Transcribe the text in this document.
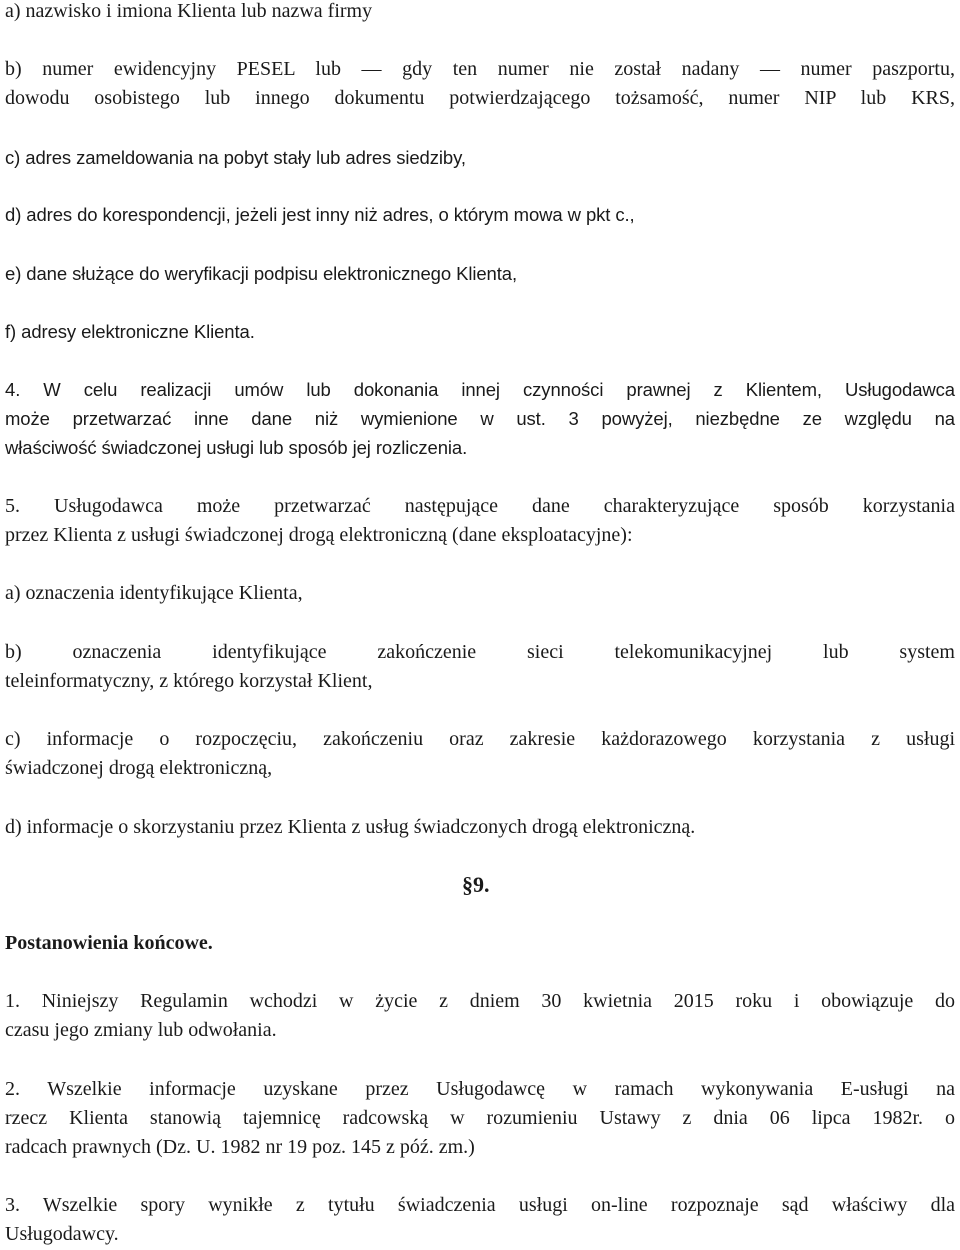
a) nazwisko i imiona Klienta lub nazwa firmy

b) numer ewidencyjny PESEL lub — gdy ten numer nie został nadany — numer paszportu,
dowodu osobistego lub innego dokumentu potwierdzającego tożsamość, numer NIP lub KRS,

c) adres zameldowania na pobyt stały lub adres siedziby,

d) adres do korespondencji, jeżeli jest inny niż adres, o którym mowa w pkt c.,

e) dane służące do weryfikacji podpisu elektronicznego Klienta,

f) adresy elektroniczne Klienta.

4. W celu realizacji umów lub dokonania innej czynności prawnej z Klientem, Usługodawca
może przetwarzać inne dane niż wymienione w ust. 3 powyżej, niezbędne ze względu na
właściwość świadczonej usługi lub sposób jej rozliczenia.

5. Usługodawca może przetwarzać następujące dane charakteryzujące sposób korzystania
przez Klienta z usługi świadczonej drogą elektroniczną (dane eksploatacyjne):

a) oznaczenia identyfikujące Klienta,

b) oznaczenia identyfikujące zakończenie sieci telekomunikacyjnej lub system
teleinformatyczny, z którego korzystał Klient,

c) informacje o rozpoczęciu, zakończeniu oraz zakresie każdorazowego korzystania z usługi
świadczonej drogą elektroniczną,

d) informacje o skorzystaniu przez Klienta z usług świadczonych drogą elektroniczną.

§9.
Postanowienia końcowe.

1. Niniejszy Regulamin wchodzi w życie z dniem 30 kwietnia 2015 roku i obowiązuje do
czasu jego zmiany lub odwołania.

2. Wszelkie informacje uzyskane przez Usługodawcę w ramach wykonywania E-usługi na
rzecz Klienta stanowią tajemnicę radcowską w rozumieniu Ustawy z dnia 06 lipca 1982r. o
radcach prawnych (Dz. U. 1982 nr 19 poz. 145 z póź. zm.)

3. Wszelkie spory wynikłe z tytułu świadczenia usługi on-line rozpoznaje sąd właściwy dla
Usługodawcy.
